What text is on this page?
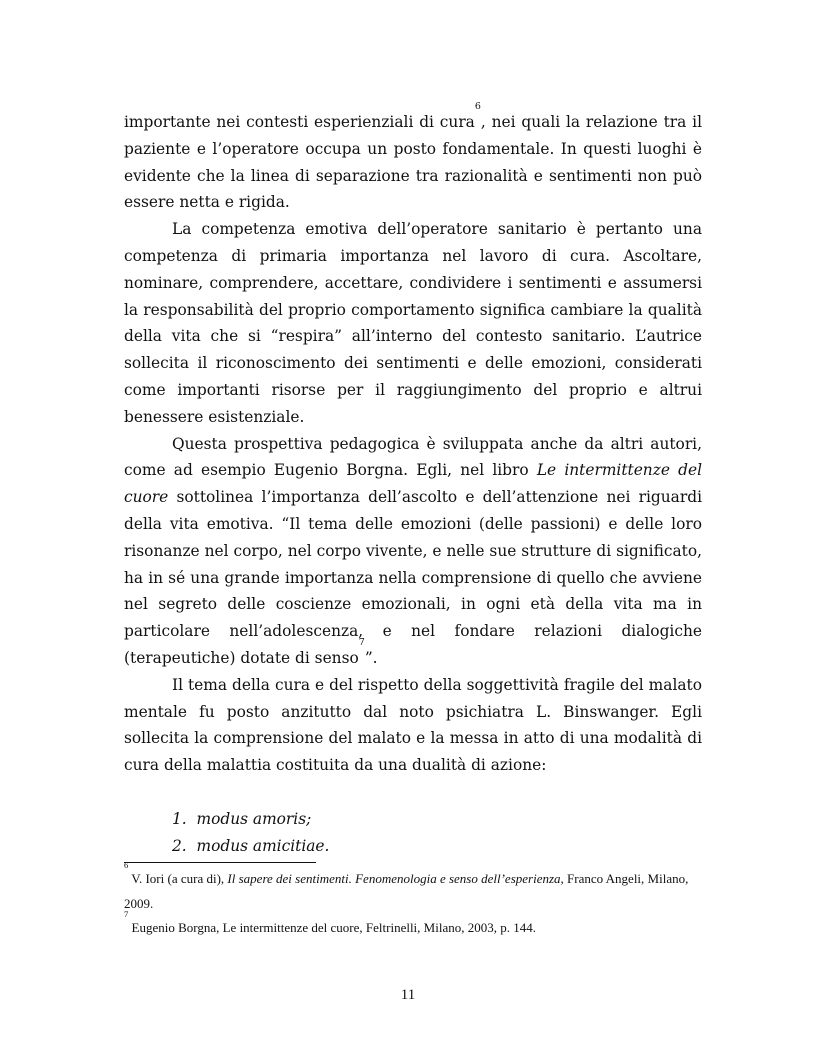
importante nei contesti esperienziali di cura$^6$, nei quali la relazione tra il paziente e l’operatore occupa un posto fondamentale. In questi luoghi è evidente che la linea di separazione tra razionalità e sentimenti non può essere netta e rigida.

La competenza emotiva dell’operatore sanitario è pertanto una competenza di primaria importanza nel lavoro di cura. Ascoltare, nominare, comprendere, accettare, condividere i sentimenti e assumersi la responsabilità del proprio comportamento significa cambiare la qualità della vita che si “respira” all’interno del contesto sanitario. L’autrice sollecita il riconoscimento dei sentimenti e delle emozioni, considerati come importanti risorse per il raggiungimento del proprio e altrui benessere esistenziale.

Questa prospettiva pedagogica è sviluppata anche da altri autori, come ad esempio Eugenio Borgna. Egli, nel libro Le intermittenze del cuore sottolinea l’importanza dell’ascolto e dell’attenzione nei riguardi della vita emotiva. “Il tema delle emozioni (delle passioni) e delle loro risonanze nel corpo, nel corpo vivente, e nelle sue strutture di significato, ha in sé una grande importanza nella comprensione di quello che avviene nel segreto delle coscienze emozionali, in ogni età della vita ma in particolare nell’adolescenza, e nel fondare relazioni dialogiche (terapeutiche) dotate di senso$^7$”.

Il tema della cura e del rispetto della soggettività fragile del malato mentale fu posto anzitutto dal noto psichiatra L. Binswanger. Egli sollecita la comprensione del malato e la messa in atto di una modalità di cura della malattia costituita da una dualità di azione:

1. modus amoris;
2. modus amicitiae.

$^6$ V. Iori (a cura di), Il sapere dei sentimenti. Fenomenologia e senso dell’esperienza, Franco Angeli, Milano, 2009.

$^7$ Eugenio Borgna, Le intermittenze del cuore, Feltrinelli, Milano, 2003, p. 144.

11
